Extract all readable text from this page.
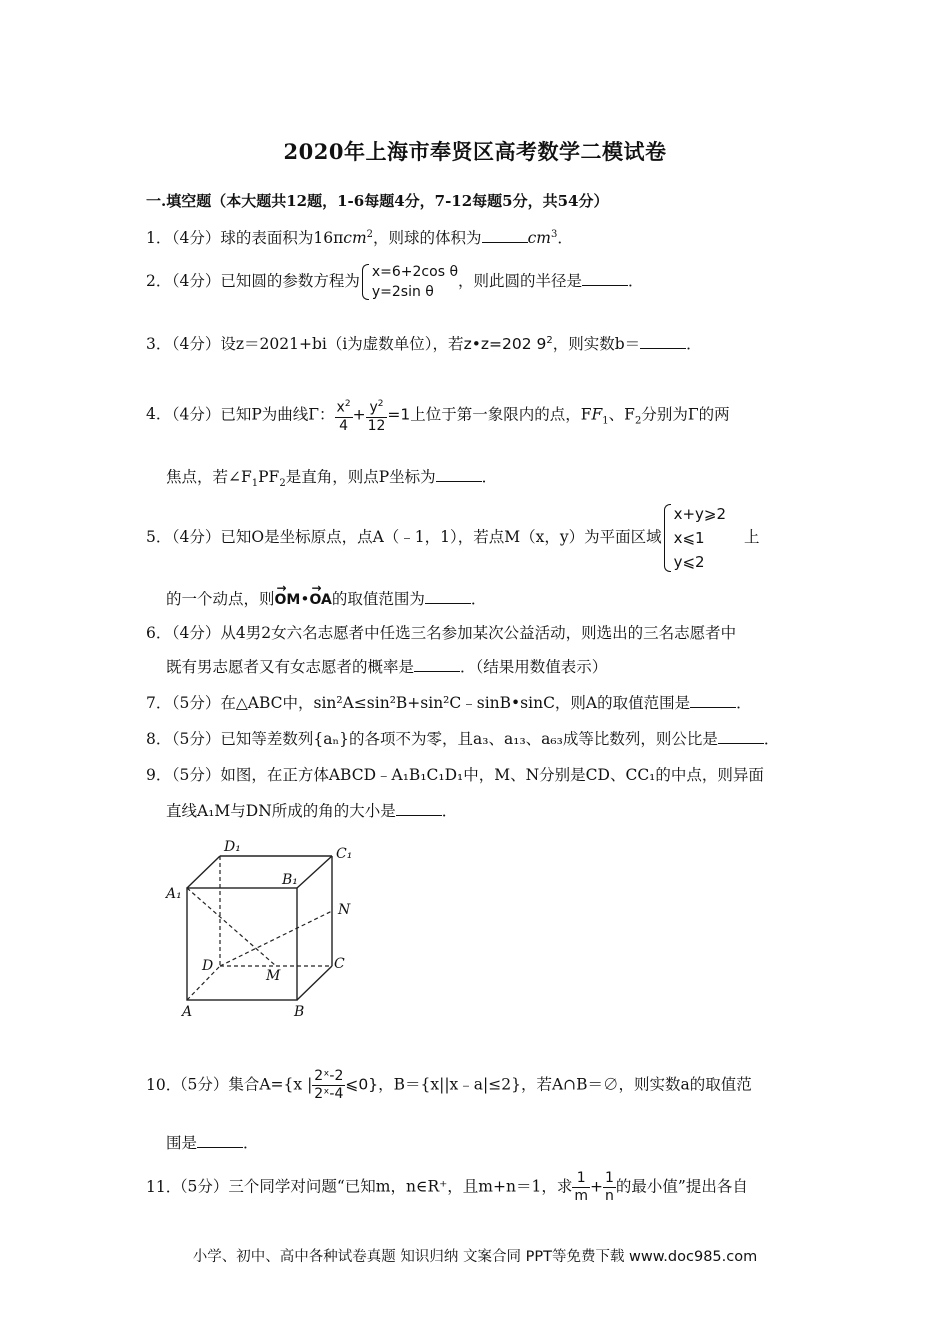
2020年上海市奉贤区高考数学二模试卷
一.填空题（本大题共12题，1-6每题4分，7-12每题5分，共54分）
1．（4分）球的表面积为16πcm$^2$，则球的体积为	$cm^3$．
2．（4分）已知圆的参数方程为 x=6+2cos θ
y=2sin θ
，则此圆的半径是	．
3．（4分）设z＝2021+bi（i为虚数单位），若z•z=202 $9^2$，则实数b＝	．
4．（4分）已知P为曲线Γ： $\frac{x^2}{4} + \frac{y^2}{12} =1$上位于第一象限内的点，$FF_1$、$F_2$分别为Γ的两
焦点，若$\angle F_1PF_2$是直角，则点P坐标为	．
5．（4分）已知O是坐标原点，点A（﹣1，1），若点M（x，y）为平面区域
x+y⩾2
x⩽1
y⩽2
上
的一个动点，则→ OM•→ OA的取值范围为	．
6．（4分）从4男2女六名志愿者中任选三名参加某次公益活动，则选出的三名志愿者中
既有男志愿者又有女志愿者的概率是	．（结果用数值表示）
7．（5分）在△ABC中，sin²A≤sin²B+sin²C﹣sinB•sinC，则A的取值范围是	．
8．（5分）已知等差数列{aₙ}的各项不为零，且a₃、a₁₃、a₆₃成等比数列，则公比是	．
9．（5分）如图，在正方体ABCD﹣A₁B₁C₁D₁中，M、N分别是CD、CC₁的中点，则异面
直线A₁M与DN所成的角的大小是	．
D₁	C₁
A₁
B₁
N
D
M
C
A	B
10．（5分）集合A={x | $\frac{\text{2ˣ-2}}{\text{2ˣ-4}}$ ⩽0}，B＝{x||x﹣a|≤2}，若A∩B＝∅，则实数a的取值范
围是	．
11．（5分）三个同学对问题“已知m，n∈R⁺，且m+n＝1，求 $\frac{1}{m} + \frac{1}{n}$ 的最小值”提出各自
小学、初中、高中各种试卷真题 知识归纳 文案合同 PPT等免费下载 www.doc985.com
